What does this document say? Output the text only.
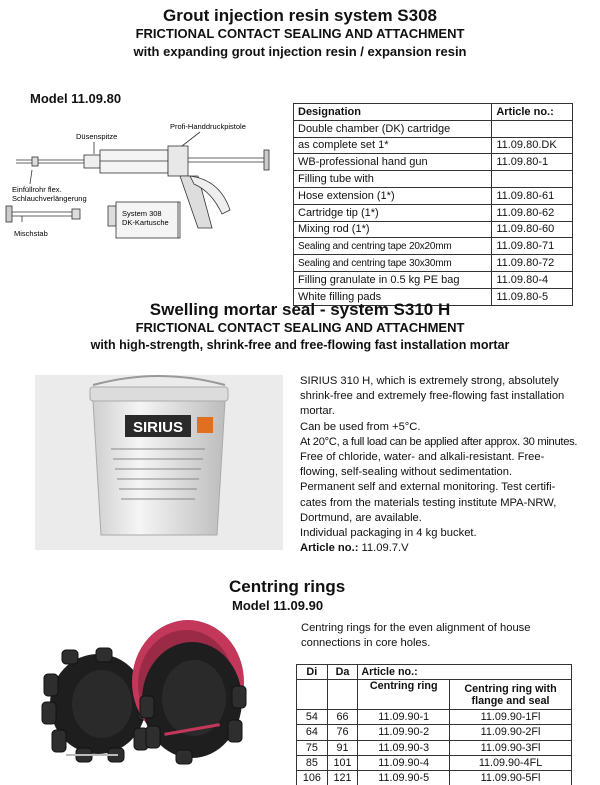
Grout injection resin system S308
FRICTIONAL CONTACT SEALING AND ATTACHMENT
with expanding grout injection resin / expansion resin
Model 11.09.80
Düsenspitze
Profi-Handdruckpistole
Einfüllrohr flex.
Schlauchverlängerung
Mischstab
System 308
DK-Kartusche
Designation	Article no.:
Double chamber (DK) cartridge	
as complete set 1*	11.09.80.DK
WB-professional hand gun	11.09.80-1
Filling tube with	
Hose extension (1*)	11.09.80-61
Cartridge tip (1*)	11.09.80-62
Mixing rod (1*)	11.09.80-60
Sealing and centring tape 20x20mm	11.09.80-71
Sealing and centring tape 30x30mm	11.09.80-72
Filling granulate in 0.5 kg PE bag	11.09.80-4
White filling pads	11.09.80-5
Swelling mortar seal - system S310 H
FRICTIONAL CONTACT SEALING AND ATTACHMENT
with high-strength, shrink-free and free-flowing fast installation mortar
SIRIUS
SIRIUS 310 H, which is extremely strong, absolutely
shrink-free and extremely free-flowing fast installation
mortar.
Can be used from +5°C.
At 20°C, a full load can be applied after approx. 30 minutes.
Free of chloride, water- and alkali-resistant. Free-
flowing, self-sealing without sedimentation.
Permanent self and external monitoring. Test certifi-
cates from the materials testing institute MPA-NRW,
Dortmund, are available.
Individual packaging in 4 kg bucket.
Article no.: 11.09.7.V
Centring rings
Model 11.09.90
Centring rings for the even alignment of house
connections in core holes.
Di	Da	Article no.:	
		Centring ring	Centring ring with
flange and seal

54	66	11.09.90-1	11.09.90-1Fl
64	76	11.09.90-2	11.09.90-2Fl
75	91	11.09.90-3	11.09.90-3Fl
85	101	11.09.90-4	11.09.90-4FL
106	121	11.09.90-5	11.09.90-5Fl
